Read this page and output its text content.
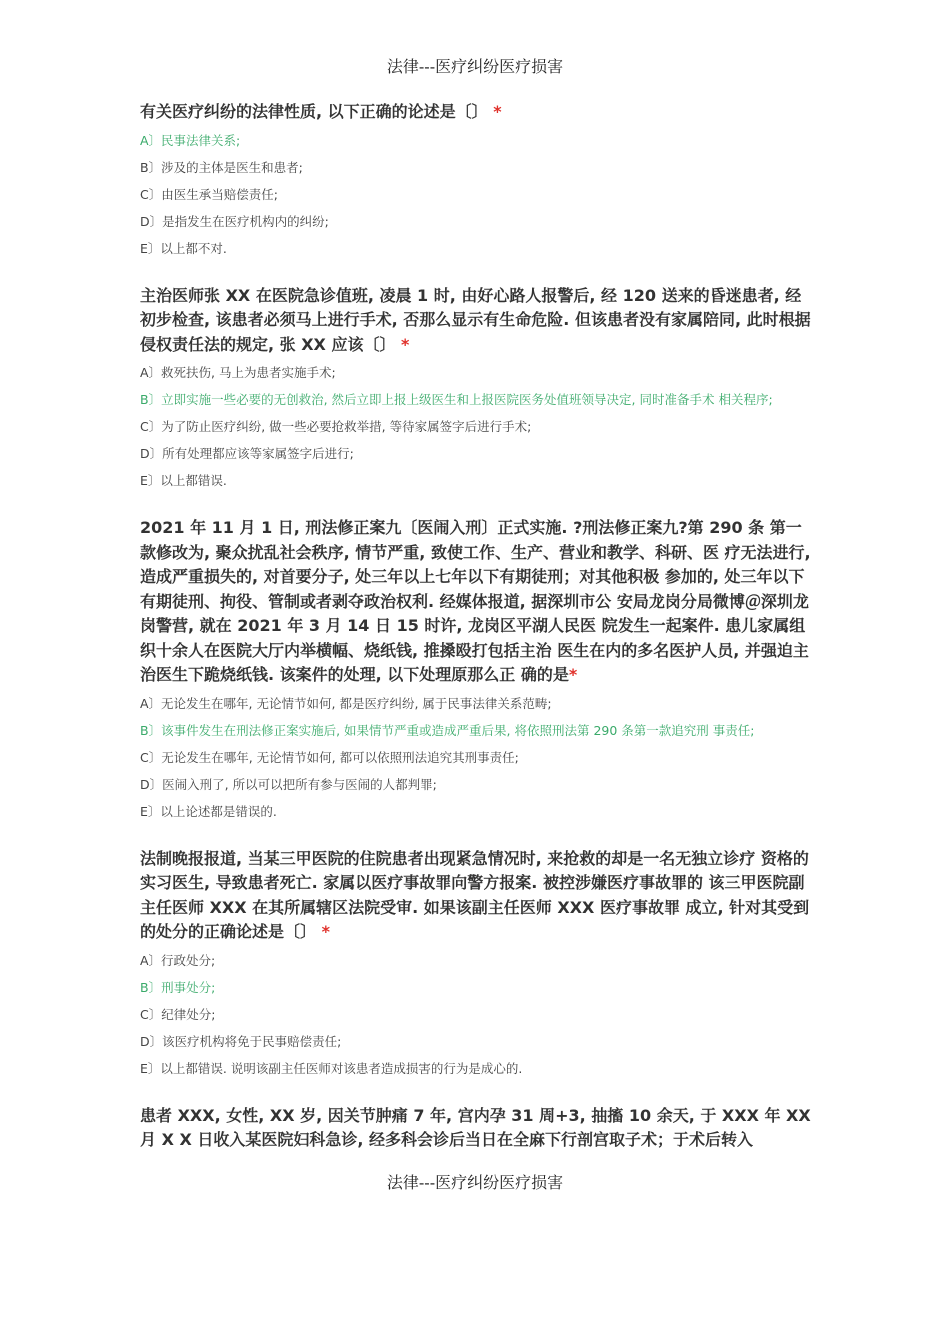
法律---医疗纠纷医疗损害
有关医疗纠纷的法律性质, 以下正确的论述是〔〕 *
A〕民事法律关系;
B〕涉及的主体是医生和患者;
C〕由医生承当赔偿责任;
D〕是指发生在医疗机构内的纠纷;
E〕以上都不对.
主治医师张 XX 在医院急诊值班, 凌晨 1 时, 由好心路人报警后, 经 120 送来的昏迷患者, 经初步检查, 该患者必须马上进行手术, 否那么显示有生命危险. 但该患者没有家属陪同, 此时根据侵权责任法的规定, 张 XX 应该〔〕 *
A〕救死扶伤, 马上为患者实施手术;
B〕立即实施一些必要的无创救治, 然后立即上报上级医生和上报医院医务处值班领导决定, 同时准备手术 相关程序;
C〕为了防止医疗纠纷, 做一些必要抢救举措, 等待家属签字后进行手术;
D〕所有处理都应该等家属签字后进行;
E〕以上都错误.
2021 年 11 月 1 日, 刑法修正案九〔医闹入刑〕正式实施. ?刑法修正案九?第 290 条 第一款修改为, 聚众扰乱社会秩序, 情节严重, 致使工作、生产、营业和教学、科研、医 疗无法进行, 造成严重损失的, 对首要分子, 处三年以上七年以下有期徒刑；对其他积极 参加的, 处三年以下有期徒刑、拘役、管制或者剥夺政治权利. 经媒体报道, 据深圳市公 安局龙岗分局微博＠深圳龙岗警营, 就在 2021 年 3 月 14 日 15 时许, 龙岗区平湖人民医 院发生一起案件. 患儿家属组织十余人在医院大厅内举横幅、烧纸钱, 推搡殴打包括主治 医生在内的多名医护人员, 并强迫主治医生下跪烧纸钱. 该案件的处理, 以下处理原那么正 确的是*
A〕无论发生在哪年, 无论情节如何, 都是医疗纠纷, 属于民事法律关系范畴;
B〕该事件发生在刑法修正案实施后, 如果情节严重或造成严重后果, 将依照刑法第 290 条第一款追究刑 事责任;
C〕无论发生在哪年, 无论情节如何, 都可以依照刑法追究其刑事责任;
D〕医闹入刑了, 所以可以把所有参与医闹的人都判罪;
E〕以上论述都是错误的.
法制晚报报道, 当某三甲医院的住院患者出现紧急情况时, 来抢救的却是一名无独立诊疗 资格的实习医生, 导致患者死亡. 家属以医疗事故罪向警方报案. 被控涉嫌医疗事故罪的 该三甲医院副主任医师 XXX 在其所属辖区法院受审. 如果该副主任医师 XXX 医疗事故罪 成立, 针对其受到的处分的正确论述是〔〕 *
A〕行政处分;
B〕刑事处分;
C〕纪律处分;
D〕该医疗机构将免于民事赔偿责任;
E〕以上都错误. 说明该副主任医师对该患者造成损害的行为是成心的.
患者 XXX, 女性, XX 岁, 因关节肿痛 7 年, 宫内孕 31 周+3, 抽搐 10 余天, 于 XXX 年 XX 月 X X 日收入某医院妇科急诊, 经多科会诊后当日在全麻下行剖宫取子术；于术后转入
法律---医疗纠纷医疗损害
